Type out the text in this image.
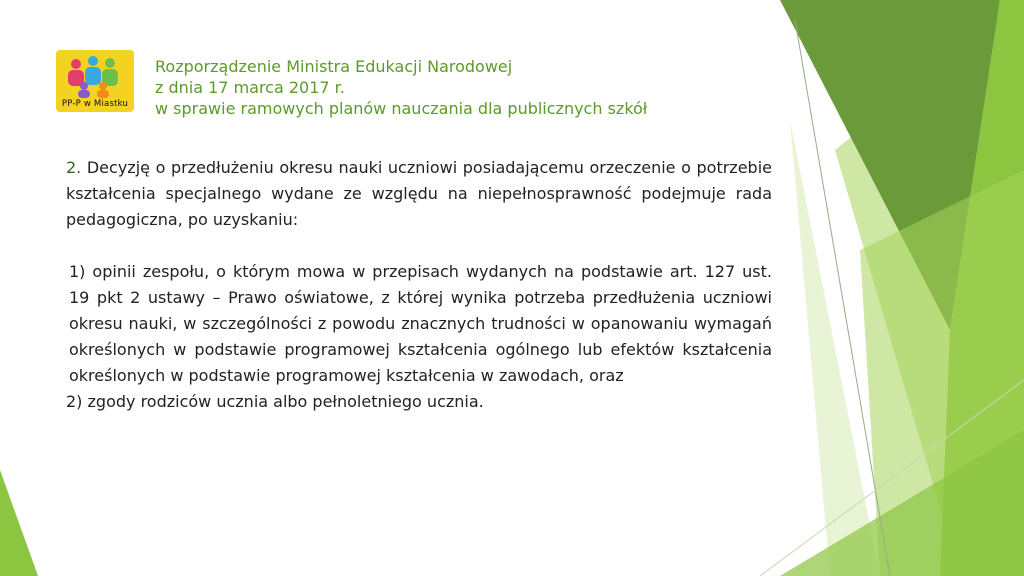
PP-P w Miastku
Rozporządzenie Ministra Edukacji Narodowej
z dnia 17 marca 2017 r.
w sprawie ramowych planów nauczania dla publicznych szkół
2. Decyzję o przedłużeniu okresu nauki uczniowi posiadającemu orzeczenie o potrzebie kształcenia specjalnego wydane ze względu na niepełnosprawność podejmuje rada pedagogiczna, po uzyskaniu:
1) opinii zespołu, o którym mowa w przepisach wydanych na podstawie art. 127 ust. 19 pkt 2 ustawy – Prawo oświatowe, z której wynika potrzeba przedłużenia uczniowi okresu nauki, w szczególności z powodu znacznych trudności w opanowaniu wymagań określonych w podstawie programowej kształcenia ogólnego lub efektów kształcenia określonych w podstawie programowej kształcenia w zawodach, oraz
2) zgody rodziców ucznia albo pełnoletniego ucznia.
